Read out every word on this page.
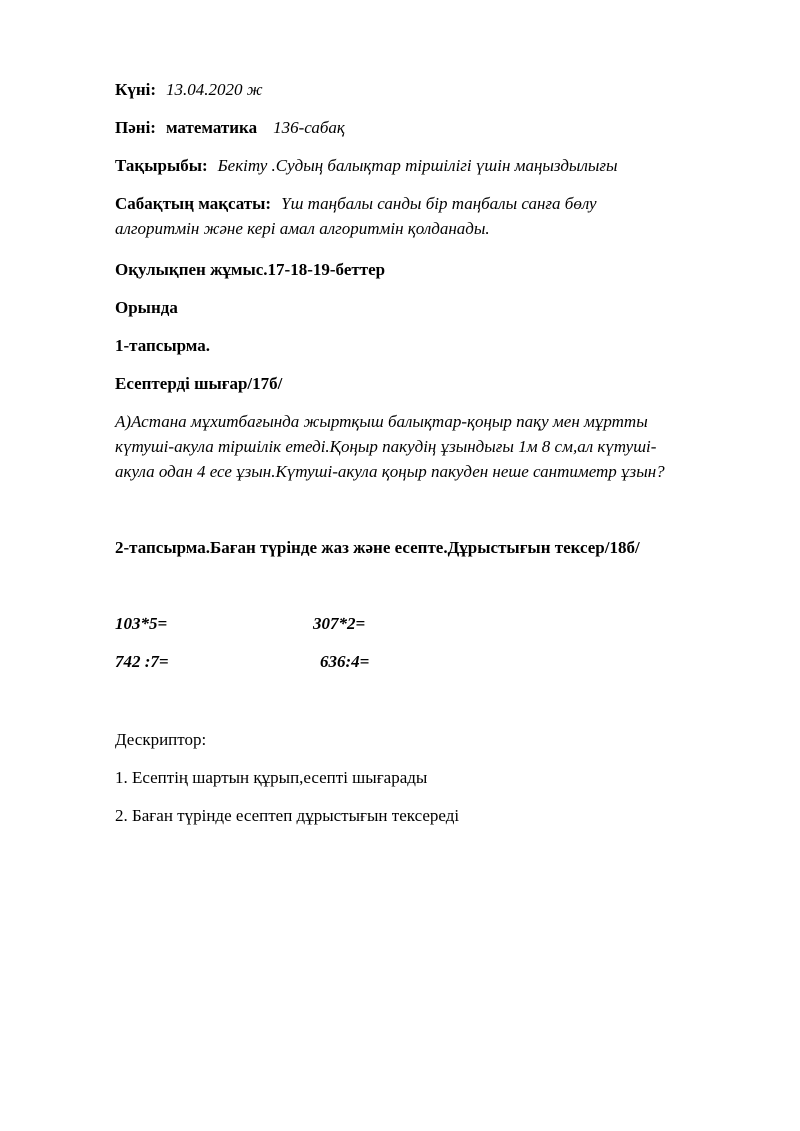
Күні: 13.04.2020 ж
Пәні: математика 136-сабақ
Тақырыбы: Бекіту .Судың балықтар тіршілігі үшін маңыздылығы
Сабақтың мақсаты: Үш таңбалы санды бір таңбалы санға бөлу
алгоритмін және кері амал алгоритмін қолданады.
Оқулықпен жұмыс.17-18-19-беттер
Орында
1-тапсырма.
Есептерді шығар/17б/
А)Астана мұхитбағында жыртқыш балықтар-қоңыр пақу мен мұртты
күтуші-акула тіршілік етеді.Қоңыр пакудің ұзындығы 1м 8 см,ал күтуші-
акула одан 4 есе ұзын.Күтуші-акула қоңыр пакуден неше сантиметр ұзын?
2-тапсырма.Баған түрінде жаз және есепте.Дұрыстығын тексер/18б/
103*5=	307*2=
742 :7=	636:4=
Дескриптор:
1. Есептің шартын құрып,есепті шығарады
2. Баған түрінде есептеп дұрыстығын тексереді
